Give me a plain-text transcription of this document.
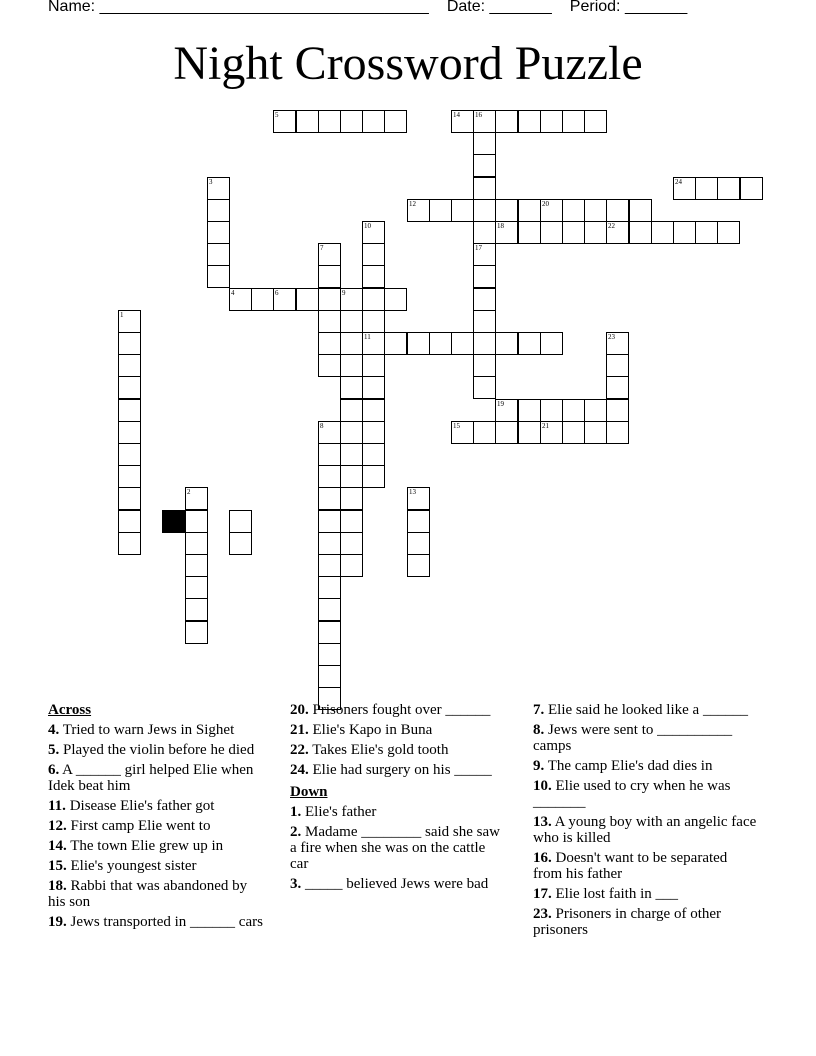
Name: _____________________________________ Date: _______ Period: _______
Night Crossword Puzzle
1
2
3
4	6	9
5
7
8
10
11
12	20
13
14 16
15	21
17
18	22
19
23
24
Across
4. Tried to warn Jews in Sighet
5. Played the violin before he died
6. A ______ girl helped Elie when Idek beat him
11. Disease Elie's father got
12. First camp Elie went to
14. The town Elie grew up in
15. Elie's youngest sister
18. Rabbi that was abandoned by his son
19. Jews transported in ______ cars
20. Prisoners fought over ______
21. Elie's Kapo in Buna
22. Takes Elie's gold tooth
24. Elie had surgery on his _____
Down
1. Elie's father
2. Madame ________ said she saw a fire when she was on the cattle car
3. _____ believed Jews were bad
7. Elie said he looked like a ______
8. Jews were sent to __________ camps
9. The camp Elie's dad dies in
10. Elie used to cry when he was _______
13. A young boy with an angelic face who is killed
16. Doesn't want to be separated from his father
17. Elie lost faith in ___
23. Prisoners in charge of other prisoners
